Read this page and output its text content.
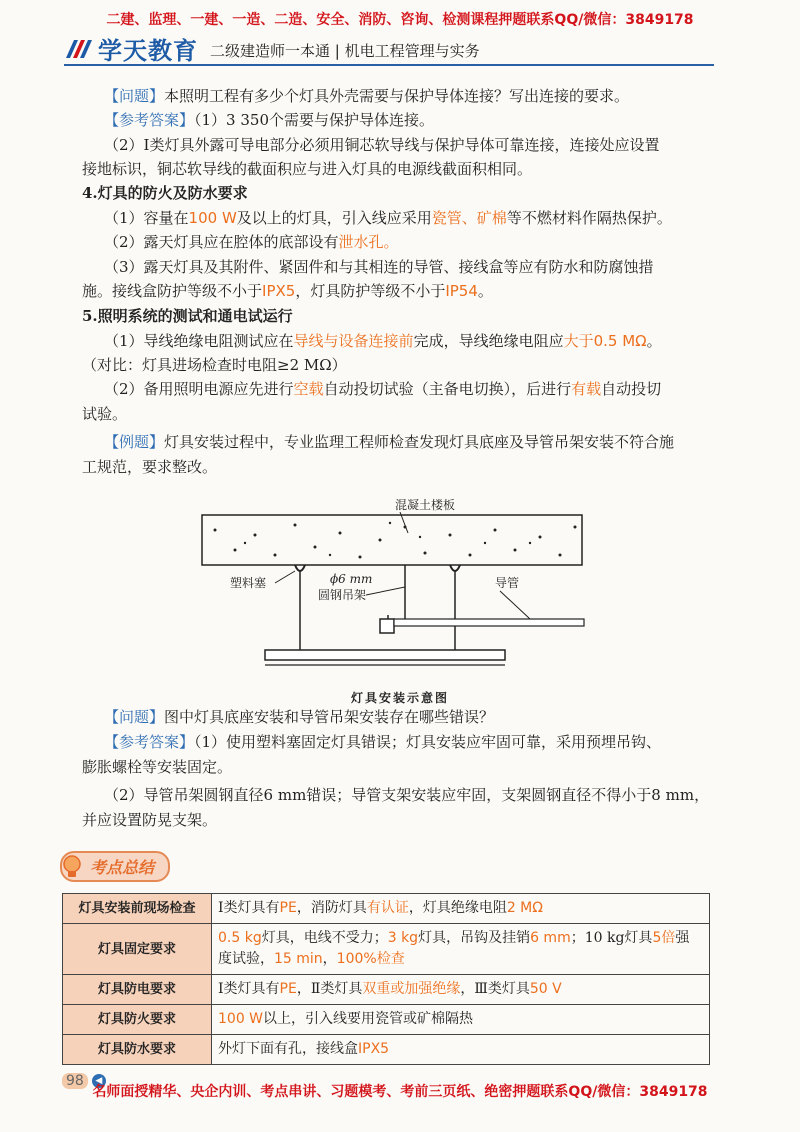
二建、监理、一建、一造、二造、安全、消防、咨询、检测课程押题联系QQ/微信：3849178
学天教育 二级建造师一本通 | 机电工程管理与实务
【问题】本照明工程有多少个灯具外壳需要与保护导体连接？写出连接的要求。
【参考答案】（1）3 350个需要与保护导体连接。
（2）Ⅰ类灯具外露可导电部分必须用铜芯软导线与保护导体可靠连接，连接处应设置
接地标识，铜芯软导线的截面积应与进入灯具的电源线截面积相同。
4.灯具的防火及防水要求
（1）容量在100 W及以上的灯具，引入线应采用瓷管、矿棉等不燃材料作隔热保护。
（2）露天灯具应在腔体的底部设有泄水孔。
（3）露天灯具及其附件、紧固件和与其相连的导管、接线盒等应有防水和防腐蚀措
施。接线盒防护等级不小于IPX5，灯具防护等级不小于IP54。
5.照明系统的测试和通电试运行
（1）导线绝缘电阻测试应在导线与设备连接前完成，导线绝缘电阻应大于0.5 MΩ。
（对比：灯具进场检查时电阻≥2 MΩ）
（2）备用照明电源应先进行空载自动投切试验（主备电切换），后进行有载自动投切
试验。
【例题】灯具安装过程中，专业监理工程师检查发现灯具底座及导管吊架安装不符合施
工规范，要求整改。
【问题】图中灯具底座安装和导管吊架安装存在哪些错误？
【参考答案】（1）使用塑料塞固定灯具错误；灯具安装应牢固可靠，采用预埋吊钩、
膨胀螺栓等安装固定。
（2）导管吊架圆钢直径6 mm错误；导管支架安装应牢固，支架圆钢直径不得小于8 mm，
并应设置防晃支架。
混凝土楼板
塑料塞	ϕ6 mm
圆钢吊架
导管
灯具安装示意图
考点总结
灯具安装前现场检查	Ⅰ类灯具有PE，消防灯具有认证，灯具绝缘电阻2 MΩ
灯具固定要求	0.5 kg灯具，电线不受力；3 kg灯具，吊钩及挂销6 mm；10 kg灯具5倍强度试验，15 min，100%检查
灯具防电要求	Ⅰ类灯具有PE，Ⅱ类灯具双重或加强绝缘，Ⅲ类灯具50 V
灯具防火要求	100 W以上，引入线要用瓷管或矿棉隔热
灯具防水要求	外灯下面有孔，接线盒IPX5
98	◀
名师面授精华、央企内训、考点串讲、习题模考、考前三页纸、绝密押题联系QQ/微信：3849178
